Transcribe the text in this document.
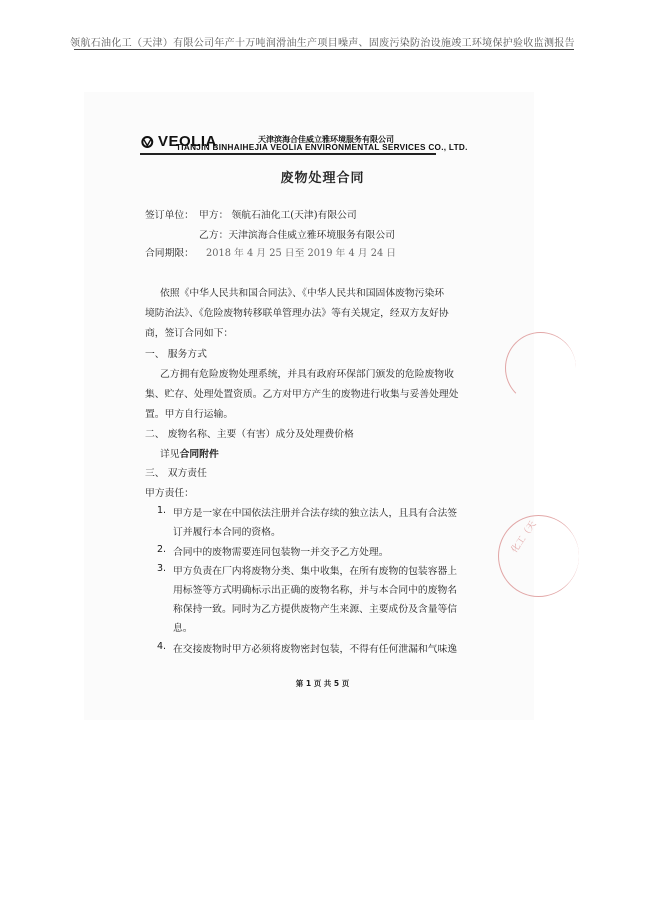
领航石油化工（天津）有限公司年产十万吨润滑油生产项目噪声、固废污染防治设施竣工环境保护验收监测报告
VEOLIA	天津滨海合佳威立雅环境服务有限公司
TIANJIN BINHAIHEJIA VEOLIA ENVIRONMENTAL SERVICES CO., LTD.
废物处理合同
签订单位： 甲方： 领航石油化工(天津)有限公司
乙方：天津滨海合佳威立雅环境服务有限公司
合同期限： 2018 年 4 月 25 日至 2019 年 4 月 24 日
依照《中华人民共和国合同法》、《中华人民共和国固体废物污染环
境防治法》、《危险废物转移联单管理办法》等有关规定，经双方友好协
商，签订合同如下：
一、 服务方式
乙方拥有危险废物处理系统，并具有政府环保部门颁发的危险废物收
集、贮存、处理处置资质。乙方对甲方产生的废物进行收集与妥善处理处
置。甲方自行运输。
二、 废物名称、主要（有害）成分及处理费价格
详见合同附件
三、 双方责任
甲方责任：
1. 甲方是一家在中国依法注册并合法存续的独立法人，且具有合法签
订并履行本合同的资格。
2. 合同中的废物需要连同包装物一并交予乙方处理。
3. 甲方负责在厂内将废物分类、集中收集，在所有废物的包装容器上
用标签等方式明确标示出正确的废物名称，并与本合同中的废物名
称保持一致。同时为乙方提供废物产生来源、主要成份及含量等信
息。
4. 在交接废物时甲方必须将废物密封包装，不得有任何泄漏和气味逸
第 1 页 共 5 页
化工（天
